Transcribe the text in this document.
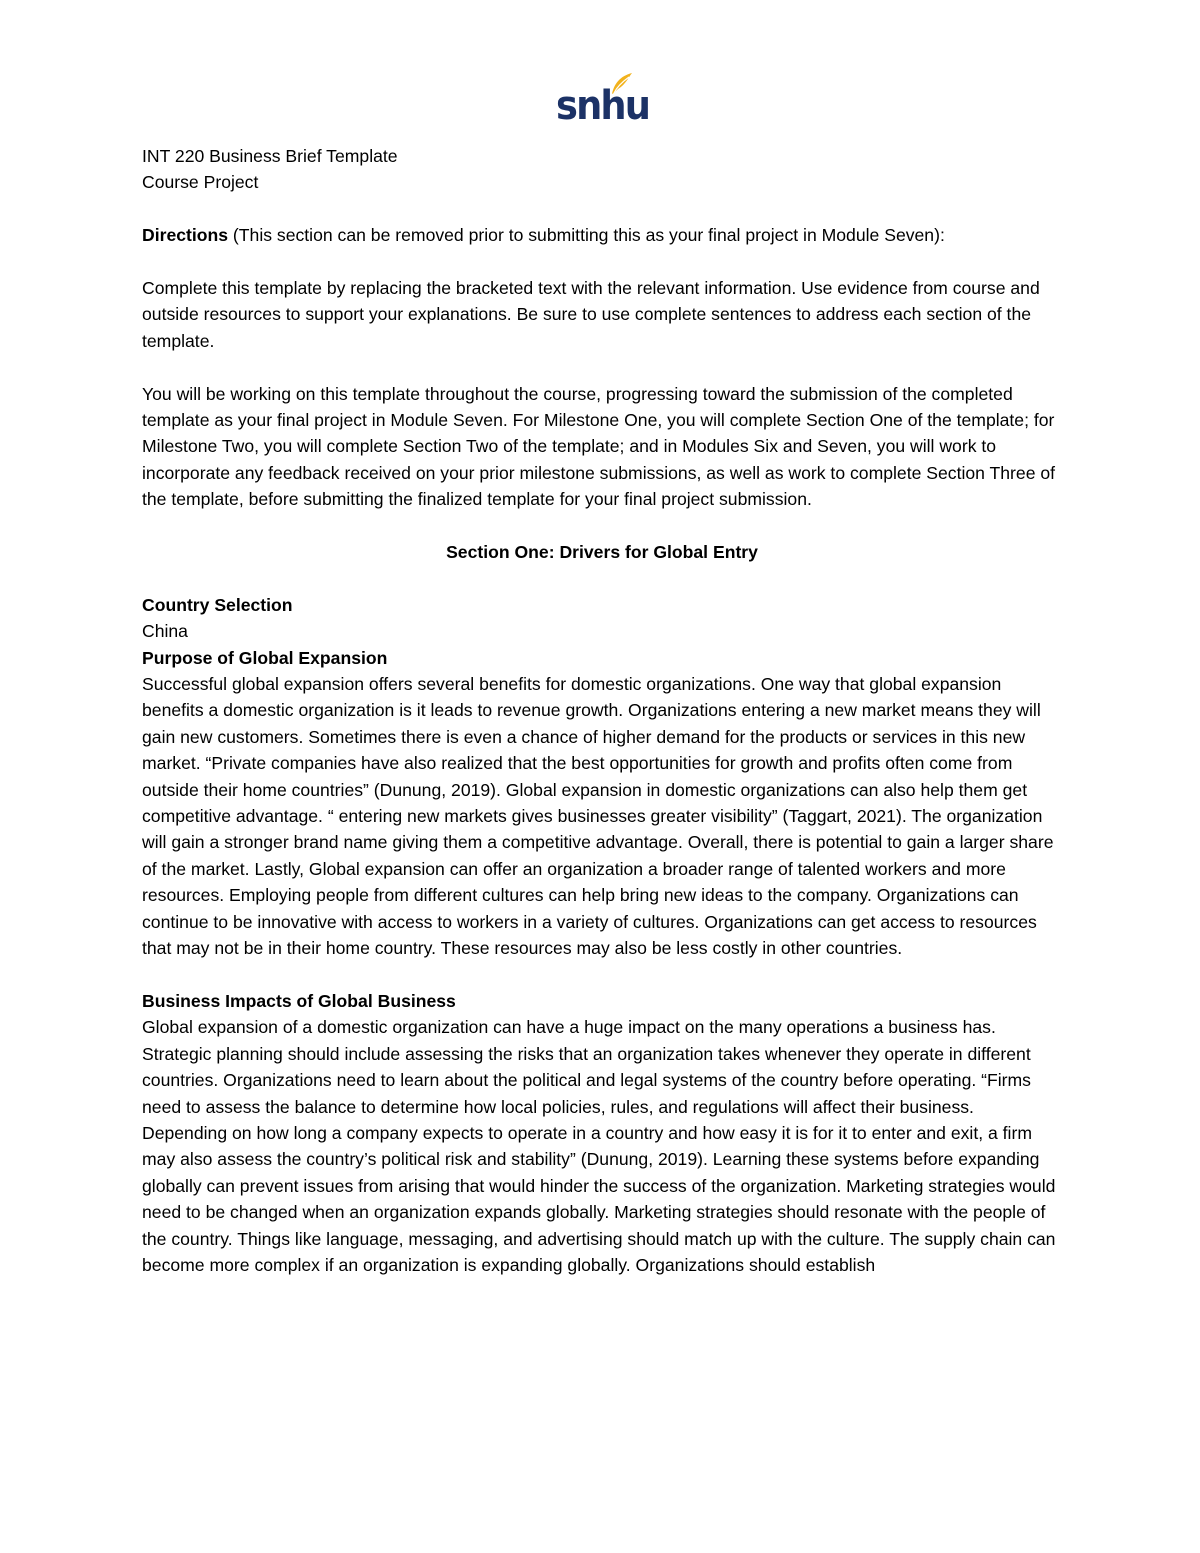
snhu

INT 220 Business Brief Template

Course Project

Directions (This section can be removed prior to submitting this as your final project in Module Seven):

Complete this template by replacing the bracketed text with the relevant information. Use evidence from course and outside resources to support your explanations. Be sure to use complete sentences to address each section of the template.

You will be working on this template throughout the course, progressing toward the submission of the completed template as your final project in Module Seven. For Milestone One, you will complete Section One of the template; for Milestone Two, you will complete Section Two of the template; and in Modules Six and Seven, you will work to incorporate any feedback received on your prior milestone submissions, as well as work to complete Section Three of the template, before submitting the finalized template for your final project submission.

Section One: Drivers for Global Entry

Country Selection

China

Purpose of Global Expansion

Successful global expansion offers several benefits for domestic organizations. One way that global expansion benefits a domestic organization is it leads to revenue growth. Organizations entering a new market means they will gain new customers. Sometimes there is even a chance of higher demand for the products or services in this new market. “Private companies have also realized that the best opportunities for growth and profits often come from outside their home countries” (Dunung, 2019). Global expansion in domestic organizations can also help them get competitive advantage. “ entering new markets gives businesses greater visibility” (Taggart, 2021). The organization will gain a stronger brand name giving them a competitive advantage. Overall, there is potential to gain a larger share of the market. Lastly, Global expansion can offer an organization a broader range of talented workers and more resources. Employing people from different cultures can help bring new ideas to the company. Organizations can continue to be innovative with access to workers in a variety of cultures. Organizations can get access to resources that may not be in their home country. These resources may also be less costly in other countries.

Business Impacts of Global Business

Global expansion of a domestic organization can have a huge impact on the many operations a business has. Strategic planning should include assessing the risks that an organization takes whenever they operate in different countries. Organizations need to learn about the political and legal systems of the country before operating. “Firms need to assess the balance to determine how local policies, rules, and regulations will affect their business. Depending on how long a company expects to operate in a country and how easy it is for it to enter and exit, a firm may also assess the country’s political risk and stability” (Dunung, 2019). Learning these systems before expanding globally can prevent issues from arising that would hinder the success of the organization. Marketing strategies would need to be changed when an organization expands globally. Marketing strategies should resonate with the people of the country. Things like language, messaging, and advertising should match up with the culture. The supply chain can become more complex if an organization is expanding globally. Organizations should establish
